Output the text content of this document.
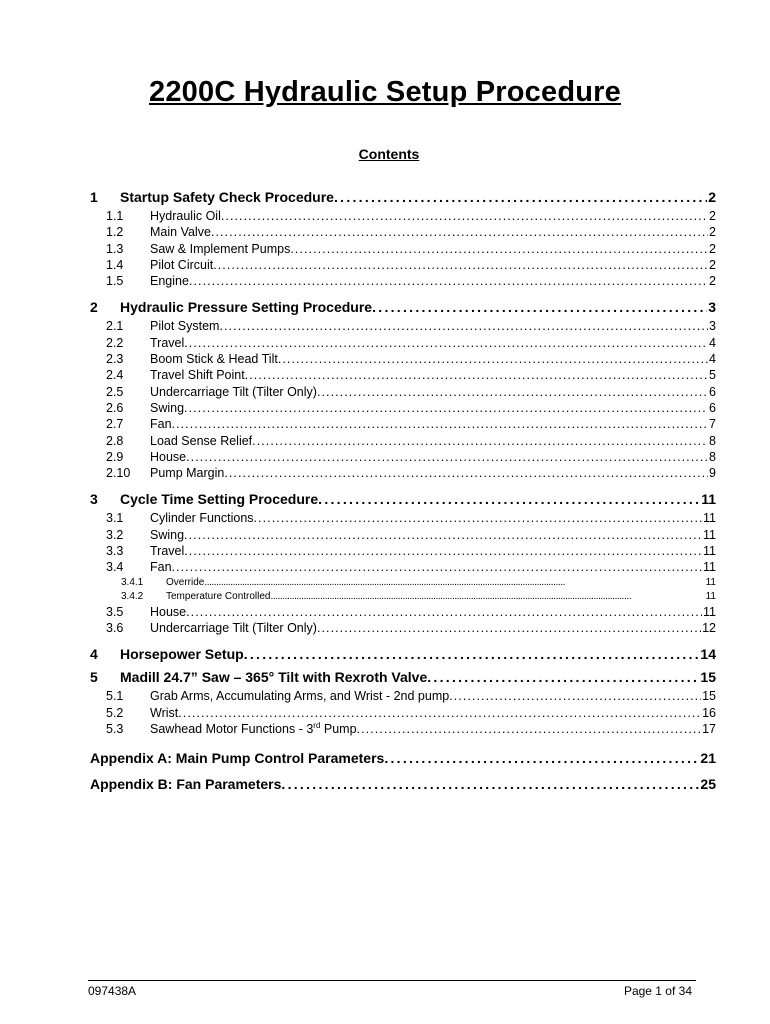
2200C Hydraulic Setup Procedure
Contents
1	Startup Safety Check Procedure . . .	2
1.1	Hydraulic Oil . . .	2
1.2	Main Valve . . .	2
1.3	Saw & Implement Pumps . . .	2
1.4	Pilot Circuit . . .	2
1.5	Engine . . .	2
2	Hydraulic Pressure Setting Procedure . . .	3
2.1	Pilot System . . .	3
2.2	Travel . . .	4
2.3	Boom Stick & Head Tilt . . .	4
2.4	Travel Shift Point . . .	5
2.5	Undercarriage Tilt (Tilter Only) . . .	6
2.6	Swing . . .	6
2.7	Fan . . .	7
2.8	Load Sense Relief . . .	8
2.9	House . . .	8
2.10	Pump Margin . . .	9
3	Cycle Time Setting Procedure . . .	11
3.1	Cylinder Functions . . .	11
3.2	Swing . . .	11
3.3	Travel . . .	11
3.4	Fan . . .	11
3.4.1	Override . . .	11
3.4.2	Temperature Controlled . . .	11
3.5	House . . .	11
3.6	Undercarriage Tilt (Tilter Only) . . .	12
4	Horsepower Setup . . .	14
5	Madill 24.7” Saw – 365° Tilt with Rexroth Valve . . .	15
5.1	Grab Arms, Accumulating Arms, and Wrist - 2nd pump . . .	15
5.2	Wrist . . .	16
5.3	Sawhead Motor Functions - 3rd Pump . . .	17
Appendix A: Main Pump Control Parameters . . .	21
Appendix B: Fan Parameters . . .	25
097438A	Page 1 of 34
